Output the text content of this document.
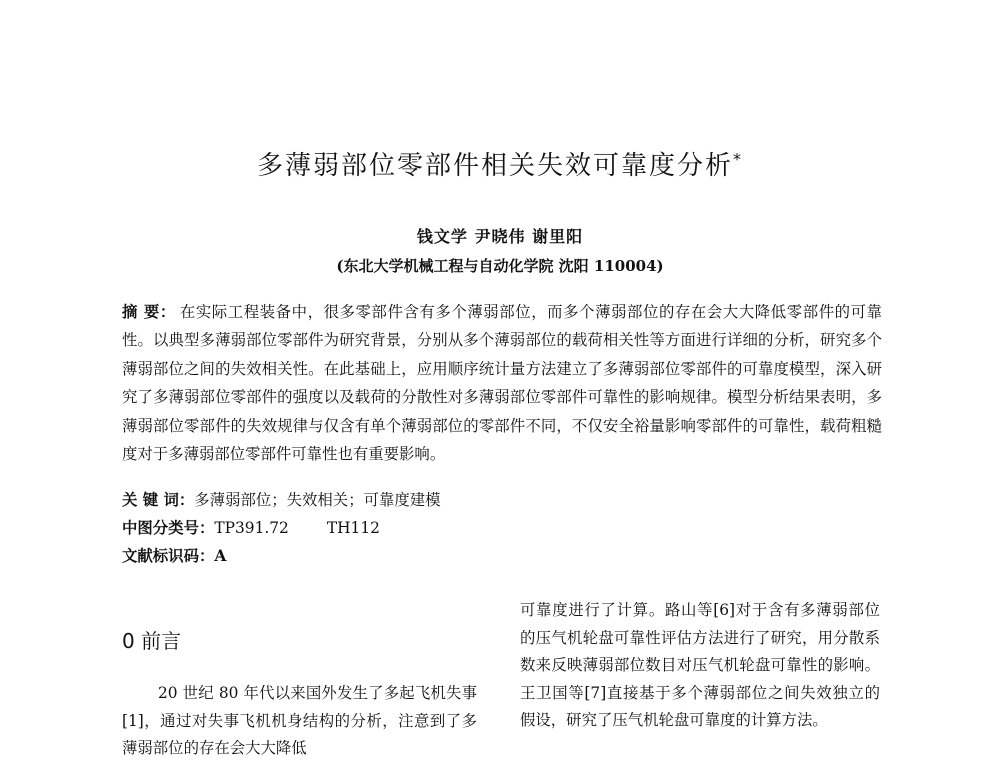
多薄弱部位零部件相关失效可靠度分析*
钱文学 尹晓伟 谢里阳
(东北大学机械工程与自动化学院 沈阳 110004)
摘 要： 在实际工程装备中，很多零部件含有多个薄弱部位，而多个薄弱部位的存在会大大降低零部件的可靠性。以典型多薄弱部位零部件为研究背景，分别从多个薄弱部位的载荷相关性等方面进行详细的分析，研究多个薄弱部位之间的失效相关性。在此基础上，应用顺序统计量方法建立了多薄弱部位零部件的可靠度模型，深入研究了多薄弱部位零部件的强度以及载荷的分散性对多薄弱部位零部件可靠性的影响规律。模型分析结果表明，多薄弱部位零部件的失效规律与仅含有单个薄弱部位的零部件不同，不仅安全裕量影响零部件的可靠性，载荷粗糙度对于多薄弱部位零部件可靠性也有重要影响。
关 键 词：多薄弱部位；失效相关；可靠度建模
中图分类号：TP391.72 TH112
文献标识码：A
0 前言

20 世纪 80 年代以来国外发生了多起飞机失事[1]，通过对失事飞机机身结构的分析，注意到了多薄弱部位的存在会大大降低

可靠度进行了计算。路山等[6]对于含有多薄弱部位的压气机轮盘可靠性评估方法进行了研究，用分散系数来反映薄弱部位数目对压气机轮盘可靠性的影响。王卫国等[7]直接基于多个薄弱部位之间失效独立的假设，研究了压气机轮盘可靠度的计算方法。
